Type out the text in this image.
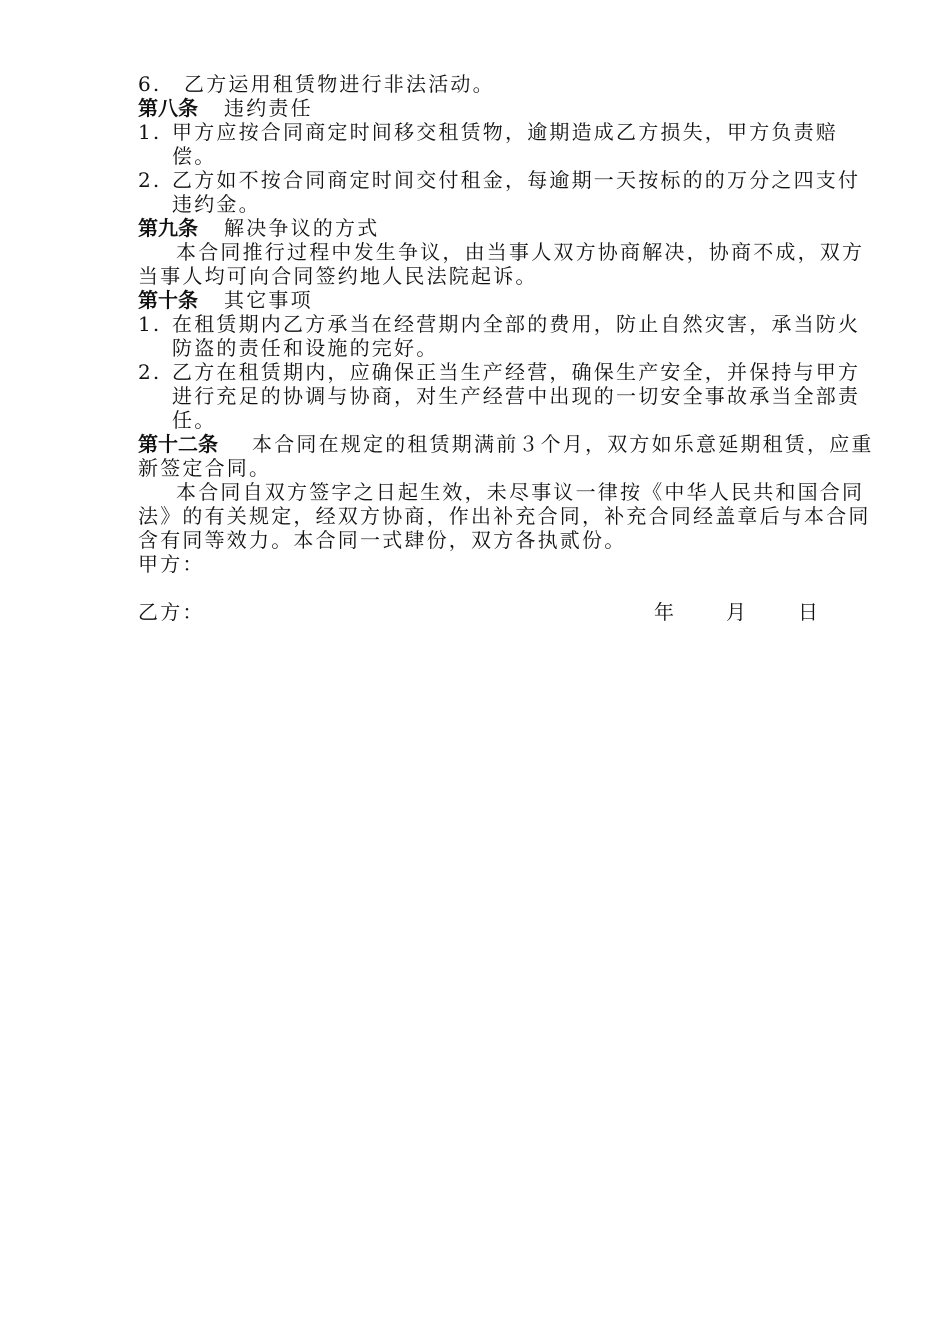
6.	乙方运用租赁物进行非法活动。
第八条 违约责任
1. 甲方应按合同商定时间移交租赁物，逾期造成乙方损失，甲方负责赔偿。
2. 乙方如不按合同商定时间交付租金，每逾期一天按标的的万分之四支付违约金。
第九条 解决争议的方式
本合同推行过程中发生争议，由当事人双方协商解决，协商不成，双方当事人均可向合同签约地人民法院起诉。
第十条 其它事项
1. 在租赁期内乙方承当在经营期内全部的费用，防止自然灾害，承当防火防盗的责任和设施的完好。
2. 乙方在租赁期内，应确保正当生产经营，确保生产安全，并保持与甲方进行充足的协调与协商，对生产经营中出现的一切安全事故承当全部责任。
第十二条 本合同在规定的租赁期满前３个月，双方如乐意延期租赁，应重新签定合同。
本合同自双方签字之日起生效，未尽事议一律按《中华人民共和国合同法》的有关规定，经双方协商，作出补充合同，补充合同经盖章后与本合同含有同等效力。本合同一式肆份，双方各执贰份。
甲方：
乙方：	年 月 日
